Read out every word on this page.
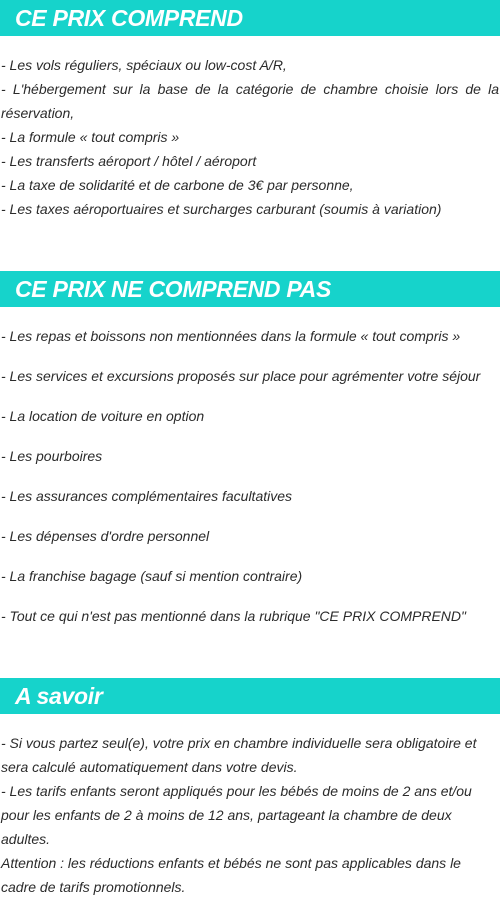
CE PRIX COMPREND

- Les vols réguliers, spéciaux ou low-cost A/R,

- L'hébergement sur la base de la catégorie de chambre choisie lors de la réservation,

- La formule « tout compris »

- Les transferts aéroport / hôtel / aéroport

- La taxe de solidarité et de carbone de 3€ par personne,

- Les taxes aéroportuaires et surcharges carburant (soumis à variation)

CE PRIX NE COMPREND PAS

- Les repas et boissons non mentionnées dans la formule « tout compris »

- Les services et excursions proposés sur place pour agrémenter votre séjour

- La location de voiture en option

- Les pourboires

- Les assurances complémentaires facultatives

- Les dépenses d'ordre personnel

- La franchise bagage (sauf si mention contraire)

- Tout ce qui n'est pas mentionné dans la rubrique "CE PRIX COMPREND"

A savoir

- Si vous partez seul(e), votre prix en chambre individuelle sera obligatoire et sera calculé automatiquement dans votre devis.

- Les tarifs enfants seront appliqués pour les bébés de moins de 2 ans et/ou pour les enfants de 2 à moins de 12 ans, partageant la chambre de deux adultes.

Attention : les réductions enfants et bébés ne sont pas applicables dans le cadre de tarifs promotionnels.
